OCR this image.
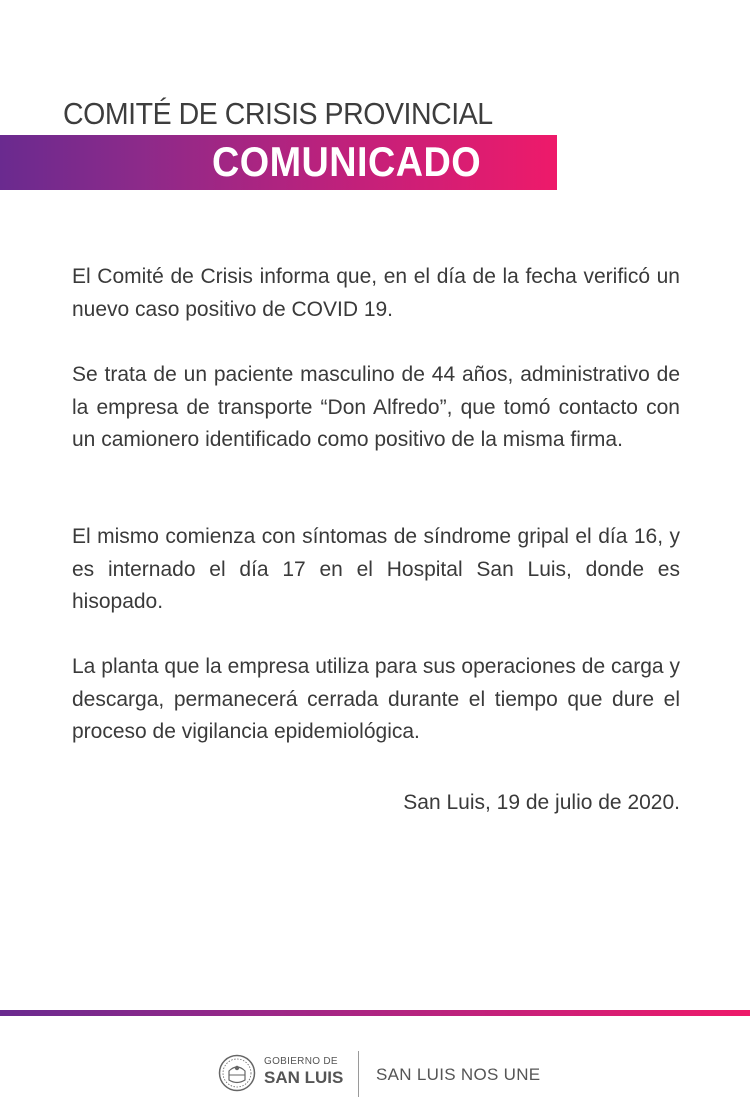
COMITÉ DE CRISIS PROVINCIAL
COMUNICADO

El Comité de Crisis informa que, en el día de la fecha verificó un nuevo caso positivo de COVID 19.

Se trata de un paciente masculino de 44 años, administrativo de la empresa de transporte “Don Alfredo”, que tomó contacto con un camionero identificado como positivo de la misma firma.

El mismo comienza con síntomas de síndrome gripal el día 16, y es internado el día 17 en el Hospital San Luis, donde es hisopado.

La planta que la empresa utiliza para sus operaciones de carga y descarga, permanecerá cerrada durante el tiempo que dure el proceso de vigilancia epidemiológica.

San Luis, 19 de julio de 2020.
GOBIERNO DE
SAN LUIS SAN LUIS NOS UNE
